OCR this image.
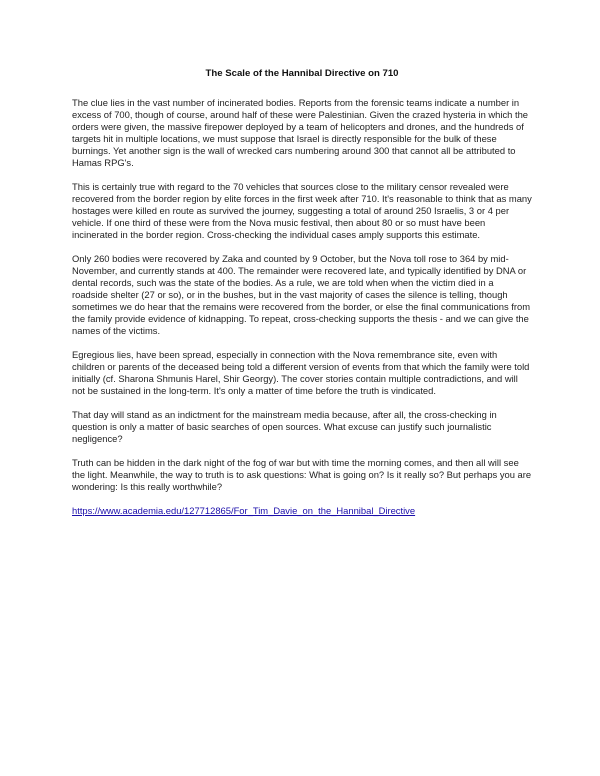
The Scale of the Hannibal Directive on 710

The clue lies in the vast number of incinerated bodies. Reports from the forensic teams indicate a number in excess of 700, though of course, around half of these were Palestinian. Given the crazed hysteria in which the orders were given, the massive firepower deployed by a team of helicopters and drones, and the hundreds of targets hit in multiple locations, we must suppose that Israel is directly responsible for the bulk of these burnings. Yet another sign is the wall of wrecked cars numbering around 300 that cannot all be attributed to Hamas RPG's.

This is certainly true with regard to the 70 vehicles that sources close to the military censor revealed were recovered from the border region by elite forces in the first week after 710. It's reasonable to think that as many hostages were killed en route as survived the journey, suggesting a total of around 250 Israelis, 3 or 4 per vehicle. If one third of these were from the Nova music festival, then about 80 or so must have been incinerated in the border region. Cross-checking the individual cases amply supports this estimate.

Only 260 bodies were recovered by Zaka and counted by 9 October, but the Nova toll rose to 364 by mid-November, and currently stands at 400. The remainder were recovered late, and typically identified by DNA or dental records, such was the state of the bodies. As a rule, we are told when when the victim died in a roadside shelter (27 or so), or in the bushes, but in the vast majority of cases the silence is telling, though sometimes we do hear that the remains were recovered from the border, or else the final communications from the family provide evidence of kidnapping. To repeat, cross-checking supports the thesis - and we can give the names of the victims.

Egregious lies, have been spread, especially in connection with the Nova remembrance site, even with children or parents of the deceased being told a different version of events from that which the family were told initially (cf. Sharona Shmunis Harel, Shir Georgy). The cover stories contain multiple contradictions, and will not be sustained in the long-term. It's only a matter of time before the truth is vindicated.

That day will stand as an indictment for the mainstream media because, after all, the cross-checking in question is only a matter of basic searches of open sources. What excuse can justify such journalistic negligence?

Truth can be hidden in the dark night of the fog of war but with time the morning comes, and then all will see the light. Meanwhile, the way to truth is to ask questions: What is going on? Is it really so? But perhaps you are wondering: Is this really worthwhile?

https://www.academia.edu/127712865/For_Tim_Davie_on_the_Hannibal_Directive
